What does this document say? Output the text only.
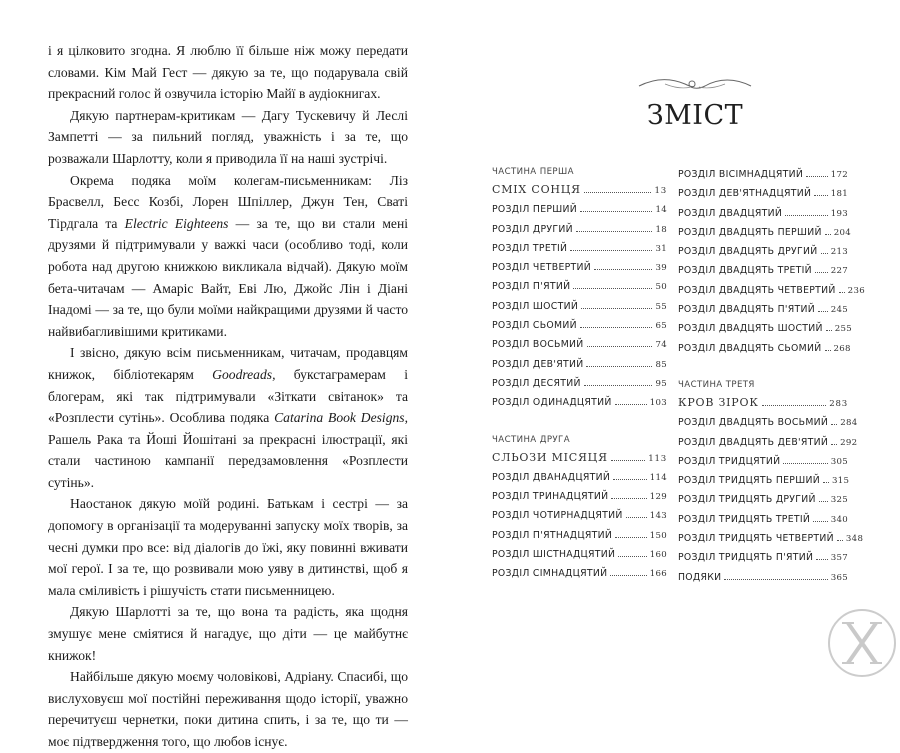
і я цілковито згодна. Я люблю її більше ніж можу передати словами. Кім Май Гест — дякую за те, що подарувала свій прекрасний голос й озвучила історію Майї в аудіокнигах.

Дякую партнерам-критикам — Дагу Тускевичу й Леслі Зампетті — за пильний погляд, уважність і за те, що розважали Шарлотту, коли я приводила її на наші зустрічі.

Окрема подяка моїм колегам-письменникам: Ліз Брасвелл, Бесс Козбі, Лорен Шпіллер, Джун Тен, Сваті Тірдгала та Electric Eighteens — за те, що ви стали мені друзями й підтримували у важкі часи (особливо тоді, коли робота над другою книжкою викликала відчай). Дякую моїм бета-читачам — Амаріс Вайт, Еві Лю, Джойс Лін і Діані Інадомі — за те, що були моїми найкращими друзями й часто найвибагливішими критиками.

І звісно, дякую всім письменникам, читачам, продавцям книжок, бібліотекарям Goodreads, букстаграмерам і блогерам, які так підтримували «Зіткати світанок» та «Розплести сутінь». Особлива подяка Catarina Book Designs, Рашель Рака та Йоші Йошітані за прекрасні ілюстрації, які стали частиною кампанії передзамовлення «Розплести сутінь».

Наостанок дякую моїй родині. Батькам і сестрі — за допомогу в організації та модеруванні запуску моїх творів, за чесні думки про все: від діалогів до їжі, яку повинні вживати мої герої. І за те, що розвивали мою уяву в дитинстві, щоб я мала сміливість і рішучість стати письменницею.

Дякую Шарлотті за те, що вона та радість, яка щодня змушує мене сміятися й нагадує, що діти — це майбутнє книжок!

Найбільше дякую моєму чоловікові, Адріану. Спасибі, що вислуховуєш мої постійні переживання щодо історії, уважно перечитуєш чернетки, поки дитина спить, і за те, що ти — моє підтвердження того, що любов існує.

ЗМІСТ
ЧАСТИНА ПЕРША
СМІХ СОНЦЯ	13
РОЗДІЛ ПЕРШИЙ	14
РОЗДІЛ ДРУГИЙ	18
РОЗДІЛ ТРЕТІЙ	31
РОЗДІЛ ЧЕТВЕРТИЙ	39
РОЗДІЛ П'ЯТИЙ	50
РОЗДІЛ ШОСТИЙ	55
РОЗДІЛ СЬОМИЙ	65
РОЗДІЛ ВОСЬМИЙ	74
РОЗДІЛ ДЕВ'ЯТИЙ	85
РОЗДІЛ ДЕСЯТИЙ	95
РОЗДІЛ ОДИНАДЦЯТИЙ	103
ЧАСТИНА ДРУГА
СЛЬОЗИ МІСЯЦЯ	113
РОЗДІЛ ДВАНАДЦЯТИЙ	114
РОЗДІЛ ТРИНАДЦЯТИЙ	129
РОЗДІЛ ЧОТИРНАДЦЯТИЙ	143
РОЗДІЛ П'ЯТНАДЦЯТИЙ	150
РОЗДІЛ ШІСТНАДЦЯТИЙ	160
РОЗДІЛ СІМНАДЦЯТИЙ	166
РОЗДІЛ ВІСІМНАДЦЯТИЙ	172
РОЗДІЛ ДЕВ'ЯТНАДЦЯТИЙ 181
РОЗДІЛ ДВАДЦЯТИЙ	193
РОЗДІЛ ДВАДЦЯТЬ ПЕРШИЙ 204
РОЗДІЛ ДВАДЦЯТЬ ДРУГИЙ 213
РОЗДІЛ ДВАДЦЯТЬ ТРЕТІЙ 227
РОЗДІЛ ДВАДЦЯТЬ ЧЕТВЕРТИЙ 236
РОЗДІЛ ДВАДЦЯТЬ П'ЯТИЙ 245
РОЗДІЛ ДВАДЦЯТЬ ШОСТИЙ 255
РОЗДІЛ ДВАДЦЯТЬ СЬОМИЙ 268
ЧАСТИНА ТРЕТЯ
КРОВ ЗІРОК	283
РОЗДІЛ ДВАДЦЯТЬ ВОСЬМИЙ 284
РОЗДІЛ ДВАДЦЯТЬ ДЕВ'ЯТИЙ 292
РОЗДІЛ ТРИДЦЯТИЙ	305
РОЗДІЛ ТРИДЦЯТЬ ПЕРШИЙ 315
РОЗДІЛ ТРИДЦЯТЬ ДРУГИЙ 325
РОЗДІЛ ТРИДЦЯТЬ ТРЕТІЙ 340
РОЗДІЛ ТРИДЦЯТЬ ЧЕТВЕРТИЙ 348
РОЗДІЛ ТРИДЦЯТЬ П'ЯТИЙ 357
ПОДЯКИ	365
